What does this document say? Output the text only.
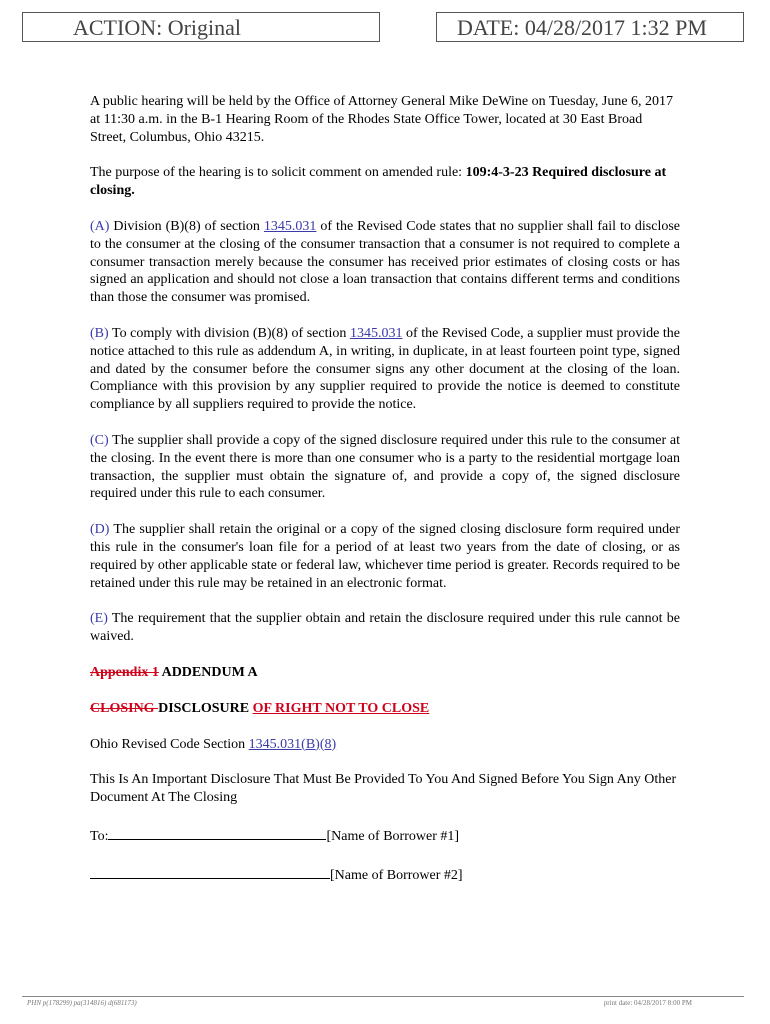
ACTION: Original	DATE: 04/28/2017 1:32 PM

A public hearing will be held by the Office of Attorney General Mike DeWine on Tuesday, June 6, 2017 at 11:30 a.m. in the B-1 Hearing Room of the Rhodes State Office Tower, located at 30 East Broad Street, Columbus, Ohio 43215.

The purpose of the hearing is to solicit comment on amended rule: 109:4-3-23 Required disclosure at closing.

(A) Division (B)(8) of section 1345.031 of the Revised Code states that no supplier shall fail to disclose to the consumer at the closing of the consumer transaction that a consumer is not required to complete a consumer transaction merely because the consumer has received prior estimates of closing costs or has signed an application and should not close a loan transaction that contains different terms and conditions than those the consumer was promised.

(B) To comply with division (B)(8) of section 1345.031 of the Revised Code, a supplier must provide the notice attached to this rule as addendum A, in writing, in duplicate, in at least fourteen point type, signed and dated by the consumer before the consumer signs any other document at the closing of the loan. Compliance with this provision by any supplier required to provide the notice is deemed to constitute compliance by all suppliers required to provide the notice.

(C) The supplier shall provide a copy of the signed disclosure required under this rule to the consumer at the closing. In the event there is more than one consumer who is a party to the residential mortgage loan transaction, the supplier must obtain the signature of, and provide a copy of, the signed disclosure required under this rule to each consumer.

(D) The supplier shall retain the original or a copy of the signed closing disclosure form required under this rule in the consumer's loan file for a period of at least two years from the date of closing, or as required by other applicable state or federal law, whichever time period is greater. Records required to be retained under this rule may be retained in an electronic format.

(E) The requirement that the supplier obtain and retain the disclosure required under this rule cannot be waived.

Appendix 1 ADDENDUM A

CLOSING DISCLOSURE OF RIGHT NOT TO CLOSE

Ohio Revised Code Section 1345.031(B)(8)

This Is An Important Disclosure That Must Be Provided To You And Signed Before You Sign Any Other Document At The Closing

To:	[Name of Borrower #1]

[Name of Borrower #2]

PHN p(178299) pa(314816) d(681173)	print date: 04/28/2017 8:00 PM
